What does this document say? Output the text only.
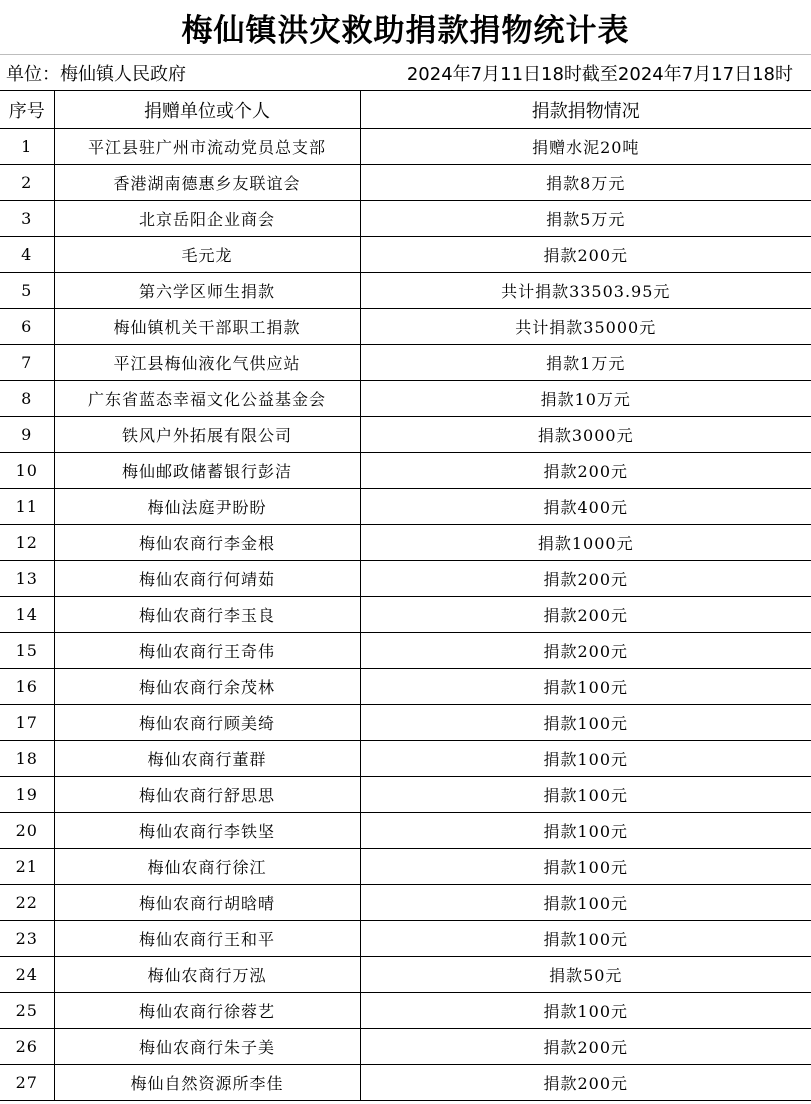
梅仙镇洪灾救助捐款捐物统计表
单位： 梅仙镇人民政府	2024年7月11日18时截至2024年7月17日18时
序号	捐赠单位或个人	捐款捐物情况
1	平江县驻广州市流动党员总支部	捐赠水泥20吨
2	香港湖南德惠乡友联谊会	捐款8万元
3	北京岳阳企业商会	捐款5万元
4	毛元龙	捐款200元
5	第六学区师生捐款	共计捐款33503.95元
6	梅仙镇机关干部职工捐款	共计捐款35000元
7	平江县梅仙液化气供应站	捐款1万元
8	广东省蓝态幸福文化公益基金会	捐款10万元
9	铁风户外拓展有限公司	捐款3000元
10	梅仙邮政储蓄银行彭洁	捐款200元
11	梅仙法庭尹盼盼	捐款400元
12	梅仙农商行李金根	捐款1000元
13	梅仙农商行何靖茹	捐款200元
14	梅仙农商行李玉良	捐款200元
15	梅仙农商行王奇伟	捐款200元
16	梅仙农商行余茂林	捐款100元
17	梅仙农商行顾美绮	捐款100元
18	梅仙农商行董群	捐款100元
19	梅仙农商行舒思思	捐款100元
20	梅仙农商行李铁坚	捐款100元
21	梅仙农商行徐江	捐款100元
22	梅仙农商行胡晗晴	捐款100元
23	梅仙农商行王和平	捐款100元
24	梅仙农商行万泓	捐款50元
25	梅仙农商行徐蓉艺	捐款100元
26	梅仙农商行朱子美	捐款200元
27	梅仙自然资源所李佳	捐款200元
